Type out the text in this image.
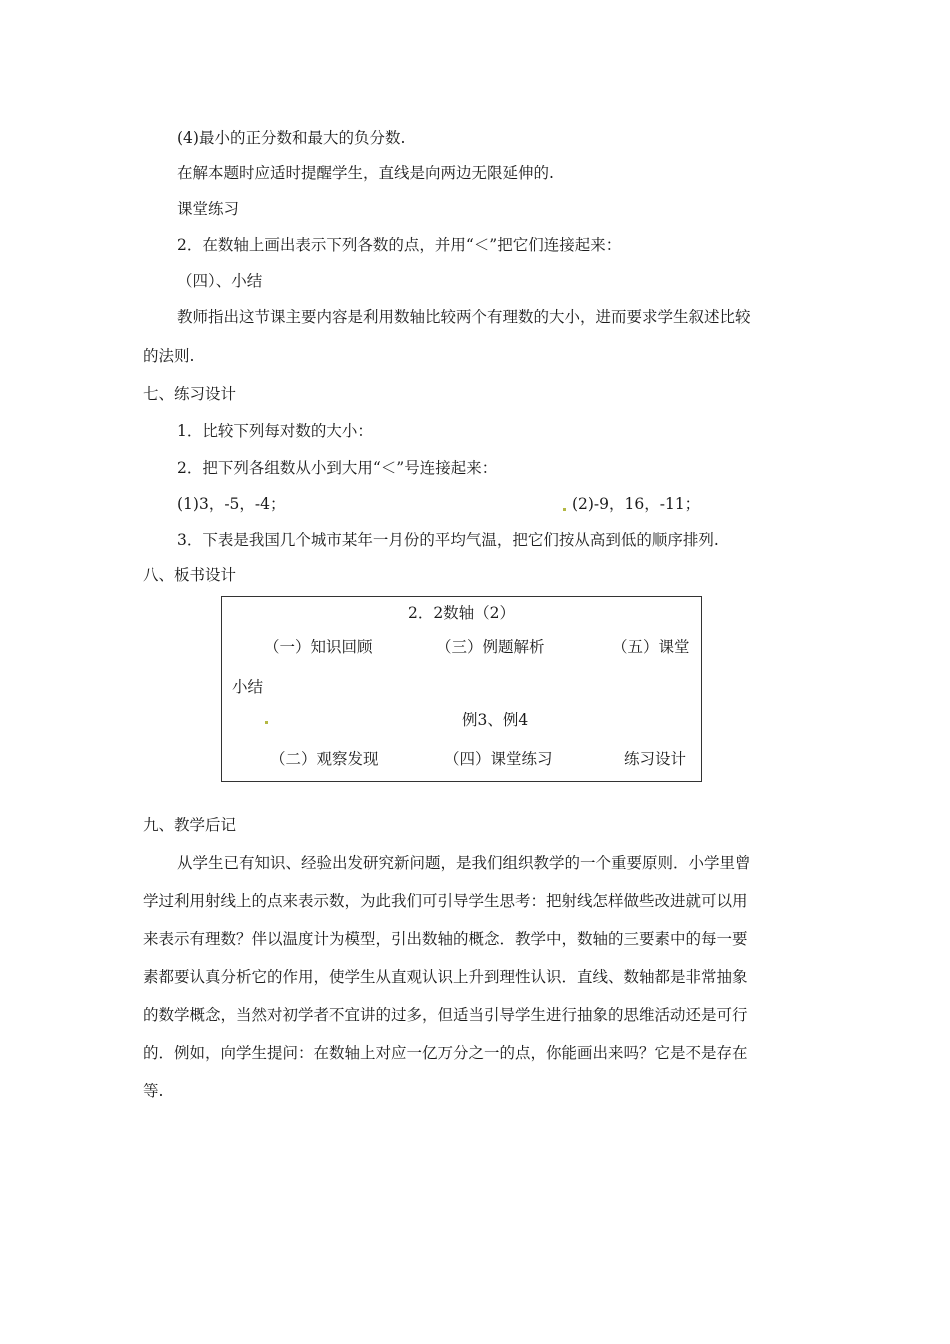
(4)最小的正分数和最大的负分数.
在解本题时应适时提醒学生，直线是向两边无限延伸的.
课堂练习
2．在数轴上画出表示下列各数的点，并用“＜”把它们连接起来：
（四）、小结
教师指出这节课主要内容是利用数轴比较两个有理数的大小，进而要求学生叙述比较
的法则.
七、练习设计
1．比较下列每对数的大小：
2．把下列各组数从小到大用“＜”号连接起来：
(1)3，-5，-4；	(2)-9，16，-11；
3．下表是我国几个城市某年一月份的平均气温，把它们按从高到低的顺序排列.
八、板书设计
2．2数轴（2）
（一）知识回顾	（三）例题解析	（五）课堂
小结
例3、例4
（二）观察发现	（四）课堂练习	练习设计
九、教学后记
从学生已有知识、经验出发研究新问题，是我们组织教学的一个重要原则．小学里曾
学过利用射线上的点来表示数，为此我们可引导学生思考：把射线怎样做些改进就可以用
来表示有理数？伴以温度计为模型，引出数轴的概念．教学中，数轴的三要素中的每一要
素都要认真分析它的作用，使学生从直观认识上升到理性认识．直线、数轴都是非常抽象
的数学概念，当然对初学者不宜讲的过多，但适当引导学生进行抽象的思维活动还是可行
的．例如，向学生提问：在数轴上对应一亿万分之一的点，你能画出来吗？它是不是存在
等.
